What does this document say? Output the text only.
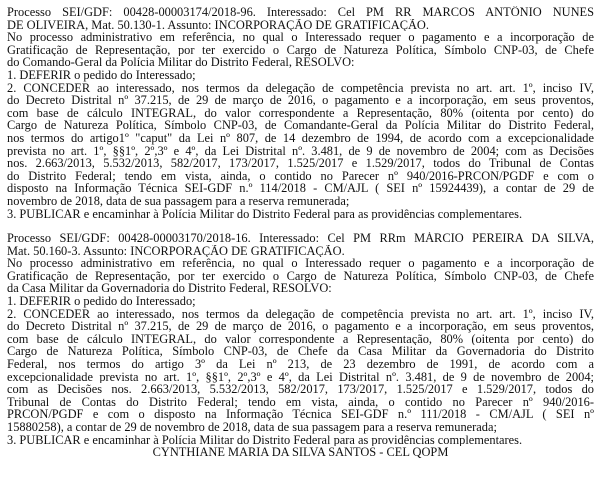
Processo SEI/GDF: 00428-00003174/2018-96. Interessado: Cel PM RR MARCOS ANTÔNIO NUNES
DE OLIVEIRA, Mat. 50.130-1. Assunto: INCORPORAÇÃO DE GRATIFICAÇÃO.
No processo administrativo em referência, no qual o Interessado requer o pagamento e a incorporação de
Gratificação de Representação, por ter exercido o Cargo de Natureza Política, Símbolo CNP-03, de Chefe
do Comando-Geral da Polícia Militar do Distrito Federal, RESOLVO:
1. DEFERIR o pedido do Interessado;
2. CONCEDER ao interessado, nos termos da delegação de competência prevista no art. art. 1º, inciso IV,
do Decreto Distrital nº 37.215, de 29 de março de 2016, o pagamento e a incorporação, em seus proventos,
com base de cálculo INTEGRAL, do valor correspondente a Representação, 80% (oitenta por cento) do
Cargo de Natureza Política, Símbolo CNP-03, de Comandante-Geral da Polícia Militar do Distrito Federal,
nos termos do artigo1º "caput" da Lei nº 807, de 14 dezembro de 1994, de acordo com a excepcionalidade
prevista no art. 1º, §§1º, 2º,3º e 4º, da Lei Distrital nº. 3.481, de 9 de novembro de 2004; com as Decisões
nos. 2.663/2013, 5.532/2013, 582/2017, 173/2017, 1.525/2017 e 1.529/2017, todos do Tribunal de Contas
do Distrito Federal; tendo em vista, ainda, o contido no Parecer nº 940/2016-PRCON/PGDF e com o
disposto na Informação Técnica SEI-GDF n.º 114/2018 - CM/AJL ( SEI nº 15924439), a contar de 29 de
novembro de 2018, data de sua passagem para a reserva remunerada;
3. PUBLICAR e encaminhar à Polícia Militar do Distrito Federal para as providências complementares.
Processo SEI/GDF: 00428-00003170/2018-16. Interessado: Cel PM RRm MÁRCIO PEREIRA DA SILVA,
Mat. 50.160-3. Assunto: INCORPORAÇÃO DE GRATIFICAÇÃO.
No processo administrativo em referência, no qual o Interessado requer o pagamento e a incorporação de
Gratificação de Representação, por ter exercido o Cargo de Natureza Política, Símbolo CNP-03, de Chefe
da Casa Militar da Governadoria do Distrito Federal, RESOLVO:
1. DEFERIR o pedido do Interessado;
2. CONCEDER ao interessado, nos termos da delegação de competência prevista no art. art. 1º, inciso IV,
do Decreto Distrital nº 37.215, de 29 de março de 2016, o pagamento e a incorporação, em seus proventos,
com base de cálculo INTEGRAL, do valor correspondente a Representação, 80% (oitenta por cento) do
Cargo de Natureza Política, Símbolo CNP-03, de Chefe da Casa Militar da Governadoria do Distrito
Federal, nos termos do artigo 3º da Lei nº 213, de 23 dezembro de 1991, de acordo com a
excepcionalidade prevista no art. 1º, §§1º, 2º,3º e 4º, da Lei Distrital nº. 3.481, de 9 de novembro de 2004;
com as Decisões nos. 2.663/2013, 5.532/2013, 582/2017, 173/2017, 1.525/2017 e 1.529/2017, todos do
Tribunal de Contas do Distrito Federal; tendo em vista, ainda, o contido no Parecer nº 940/2016-
PRCON/PGDF e com o disposto na Informação Técnica SEI-GDF n.º 111/2018 - CM/AJL ( SEI nº
15880258), a contar de 29 de novembro de 2018, data de sua passagem para a reserva remunerada;
3. PUBLICAR e encaminhar à Polícia Militar do Distrito Federal para as providências complementares.
CYNTHIANE MARIA DA SILVA SANTOS - CEL QOPM
